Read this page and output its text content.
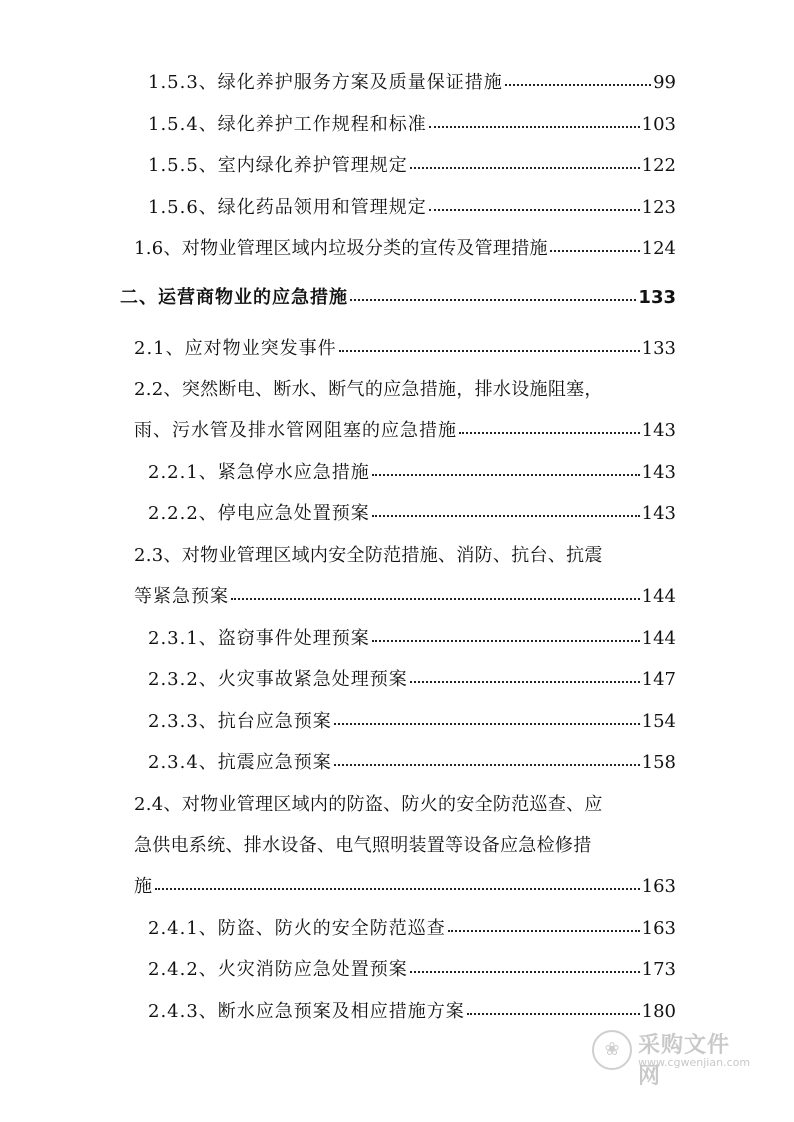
1.5.3、绿化养护服务方案及质量保证措施	99
1.5.4、绿化养护工作规程和标准	103
1.5.5、室内绿化养护管理规定	122
1.5.6、绿化药品领用和管理规定	123
1.6、对物业管理区域内垃圾分类的宣传及管理措施	124
二、运营商物业的应急措施	133
2.1、应对物业突发事件	133
2.2、突然断电、断水、断气的应急措施，排水设施阻塞，
雨、污水管及排水管网阻塞的应急措施	143
2.2.1、紧急停水应急措施	143
2.2.2、停电应急处置预案	143
2.3、对物业管理区域内安全防范措施、消防、抗台、抗震
等紧急预案	144
2.3.1、盗窃事件处理预案	144
2.3.2、火灾事故紧急处理预案	147
2.3.3、抗台应急预案	154
2.3.4、抗震应急预案	158
2.4、对物业管理区域内的防盗、防火的安全防范巡查、应
急供电系统、排水设备、电气照明装置等设备应急检修措
施	163
2.4.1、防盗、防火的安全防范巡查	163
2.4.2、火灾消防应急处置预案	173
2.4.3、断水应急预案及相应措施方案	180
❀ 采购文件网
www.cgwenjian.com
